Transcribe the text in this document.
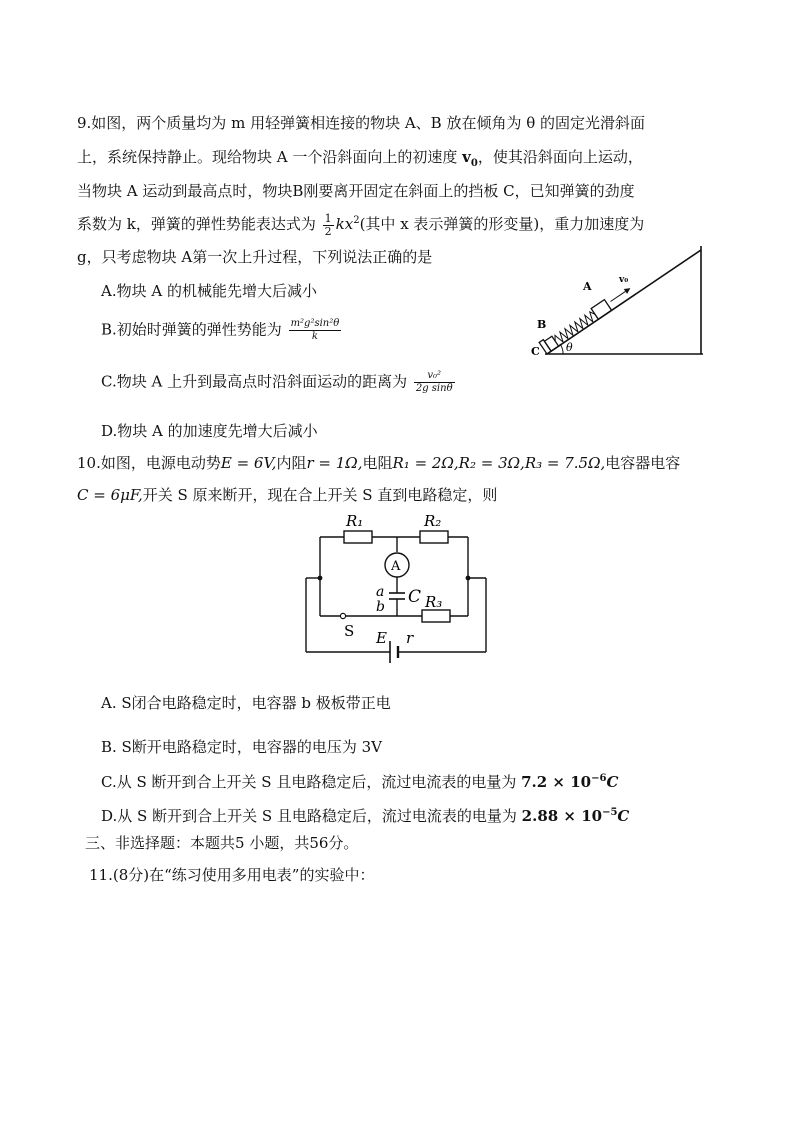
9.如图，两个质量均为 m 用轻弹簧相连接的物块 A、B 放在倾角为 θ 的固定光滑斜面
上，系统保持静止。现给物块 A 一个沿斜面向上的初速度 $v_0$，使其沿斜面向上运动，
当物块 A 运动到最高点时，物块B刚要离开固定在斜面上的挡板 C，已知弹簧的劲度
系数为 k，弹簧的弹性势能表达式为 $\frac{1}{2} kx^2$(其中 x 表示弹簧的形变量)，重力加速度为
g，只考虑物块 A第一次上升过程，下列说法正确的是
A.物块 A 的机械能先增大后减小
B.初始时弹簧的弹性势能为 $\frac{\text{m²g²sin²θ}}{k}$
C.物块 A 上升到最高点时沿斜面运动的距离为 $\frac{\text{v₀²}}{\text{2g sinθ}}$
D.物块 A 的加速度先增大后减小
θ
B
C
A	v₀
10.如图，电源电动势E = 6V,内阻r = 1Ω,电阻R₁ = 2Ω,R₂ = 3Ω,R₃ = 7.5Ω,电容器电容
C = 6μF,开关 S 原来断开，现在合上开关 S 直到电路稳定，则
A
R₁	R₂
R₃
a
b C
S E r
A. S闭合电路稳定时，电容器 b 极板带正电
B. S断开电路稳定时，电容器的电压为 3V
C.从 S 断开到合上开关 S 且电路稳定后，流过电流表的电量为 $7.2 \times 10^{-6}C$
D.从 S 断开到合上开关 S 且电路稳定后，流过电流表的电量为 $2.88 \times 10^{-5}C$
三、非选择题：本题共5 小题，共56分。
11.(8分)在“练习使用多用电表”的实验中：
